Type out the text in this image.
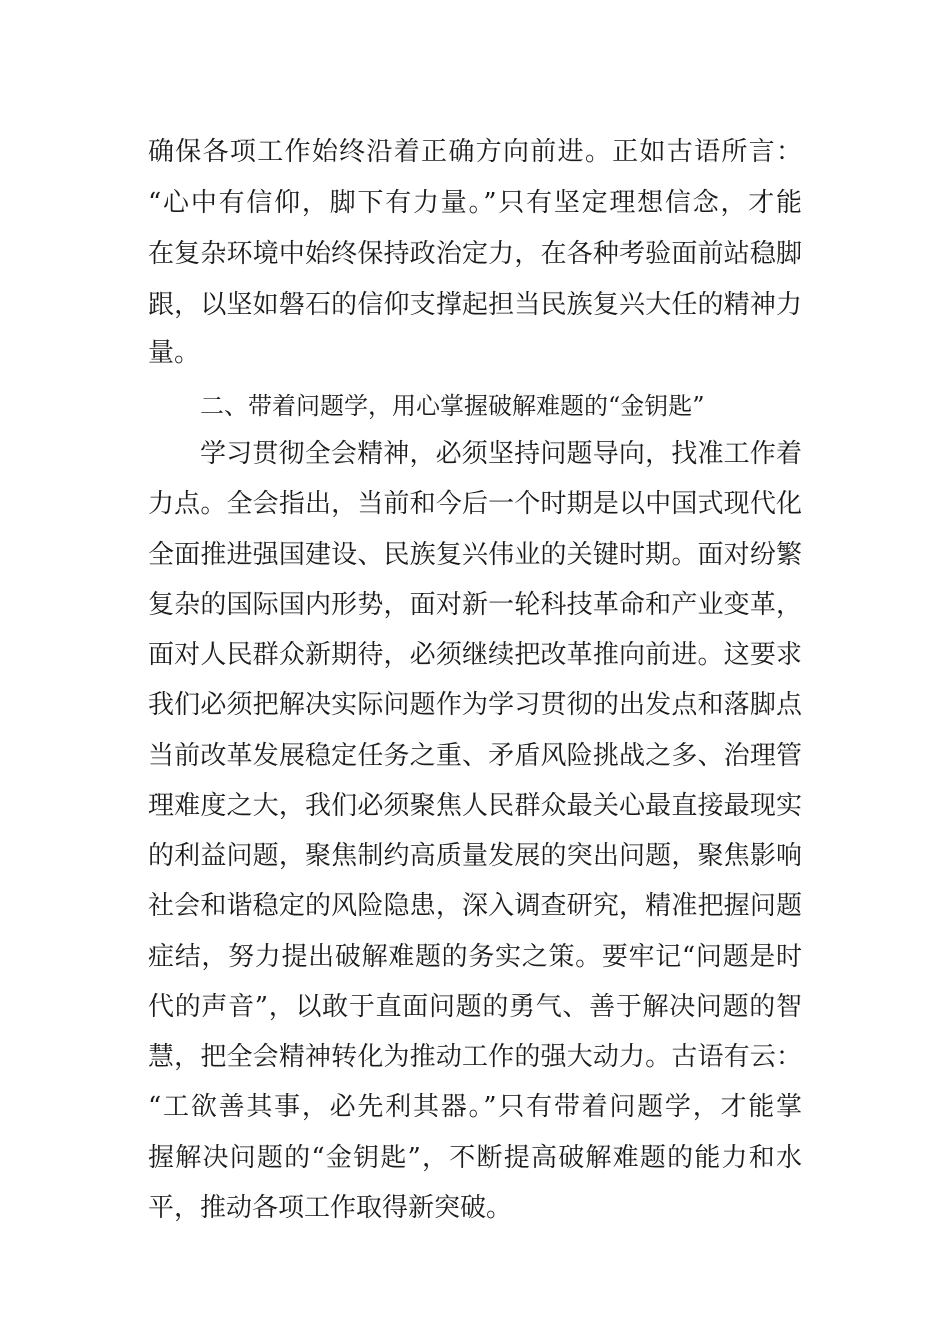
确保各项工作始终沿着正确方向前进。正如古语所言：
“心中有信仰，脚下有力量。”只有坚定理想信念，才能
在复杂环境中始终保持政治定力，在各种考验面前站稳脚
跟，以坚如磐石的信仰支撑起担当民族复兴大任的精神力
量。
二、带着问题学，用心掌握破解难题的“金钥匙”
学习贯彻全会精神，必须坚持问题导向，找准工作着
力点。全会指出，当前和今后一个时期是以中国式现代化
全面推进强国建设、民族复兴伟业的关键时期。面对纷繁
复杂的国际国内形势，面对新一轮科技革命和产业变革，
面对人民群众新期待，必须继续把改革推向前进。这要求
我们必须把解决实际问题作为学习贯彻的出发点和落脚点
当前改革发展稳定任务之重、矛盾风险挑战之多、治理管
理难度之大，我们必须聚焦人民群众最关心最直接最现实
的利益问题，聚焦制约高质量发展的突出问题，聚焦影响
社会和谐稳定的风险隐患，深入调查研究，精准把握问题
症结，努力提出破解难题的务实之策。要牢记“问题是时
代的声音”，以敢于直面问题的勇气、善于解决问题的智
慧，把全会精神转化为推动工作的强大动力。古语有云：
“工欲善其事，必先利其器。”只有带着问题学，才能掌
握解决问题的“金钥匙”，不断提高破解难题的能力和水
平，推动各项工作取得新突破。
